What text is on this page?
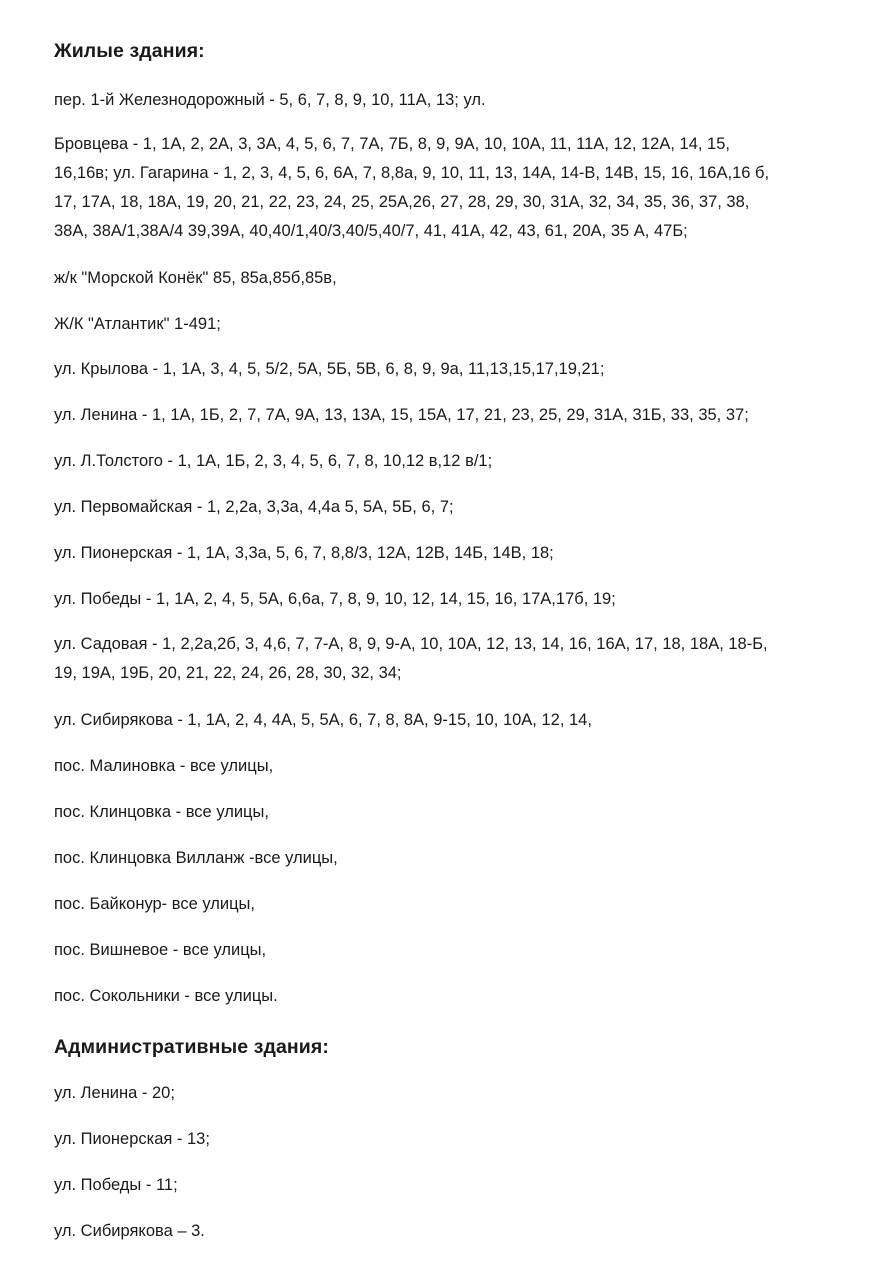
Жилые здания:

пер. 1-й Железнодорожный - 5, 6, 7, 8, 9, 10, 11А, 13; ул.

Бровцева - 1, 1А, 2, 2А, 3, 3А, 4, 5, 6, 7, 7А, 7Б, 8, 9, 9А, 10, 10А, 11, 11А, 12, 12А, 14, 15,

16,16в; ул. Гагарина - 1, 2, 3, 4, 5, 6, 6А, 7, 8,8а, 9, 10, 11, 13, 14А, 14-В, 14В, 15, 16, 16А,16 б,

17, 17А, 18, 18А, 19, 20, 21, 22, 23, 24, 25, 25А,26, 27, 28, 29, 30, 31А, 32, 34, 35, 36, 37, 38,

38А, 38А/1,38А/4 39,39А, 40,40/1,40/3,40/5,40/7, 41, 41А, 42, 43, 61, 20А, 35 А, 47Б;

ж/к "Морской Конёк" 85, 85а,85б,85в,

Ж/К "Атлантик" 1-491;

ул. Крылова - 1, 1А, 3, 4, 5, 5/2, 5А, 5Б, 5В, 6, 8, 9, 9а, 11,13,15,17,19,21;

ул. Ленина - 1, 1А, 1Б, 2, 7, 7А, 9А, 13, 13А, 15, 15А, 17, 21, 23, 25, 29, 31А, 31Б, 33, 35, 37;

ул. Л.Толстого - 1, 1А, 1Б, 2, 3, 4, 5, 6, 7, 8, 10,12 в,12 в/1;

ул. Первомайская - 1, 2,2а, 3,3а, 4,4а 5, 5А, 5Б, 6, 7;

ул. Пионерская - 1, 1А, 3,3а, 5, 6, 7, 8,8/3, 12А, 12В, 14Б, 14В, 18;

ул. Победы - 1, 1А, 2, 4, 5, 5А, 6,6а, 7, 8, 9, 10, 12, 14, 15, 16, 17А,17б, 19;

ул. Садовая - 1, 2,2а,2б, 3, 4,6, 7, 7-А, 8, 9, 9-А, 10, 10А, 12, 13, 14, 16, 16А, 17, 18, 18А, 18-Б,

19, 19А, 19Б, 20, 21, 22, 24, 26, 28, 30, 32, 34;

ул. Сибирякова - 1, 1А, 2, 4, 4А, 5, 5А, 6, 7, 8, 8А, 9-15, 10, 10А, 12, 14,

пос. Малиновка - все улицы,

пос. Клинцовка - все улицы,

пос. Клинцовка Вилланж -все улицы,

пос. Байконур- все улицы,

пос. Вишневое - все улицы,

пос. Сокольники - все улицы.

Административные здания:

ул. Ленина - 20;

ул. Пионерская - 13;

ул. Победы - 11;

ул. Сибирякова – 3.
